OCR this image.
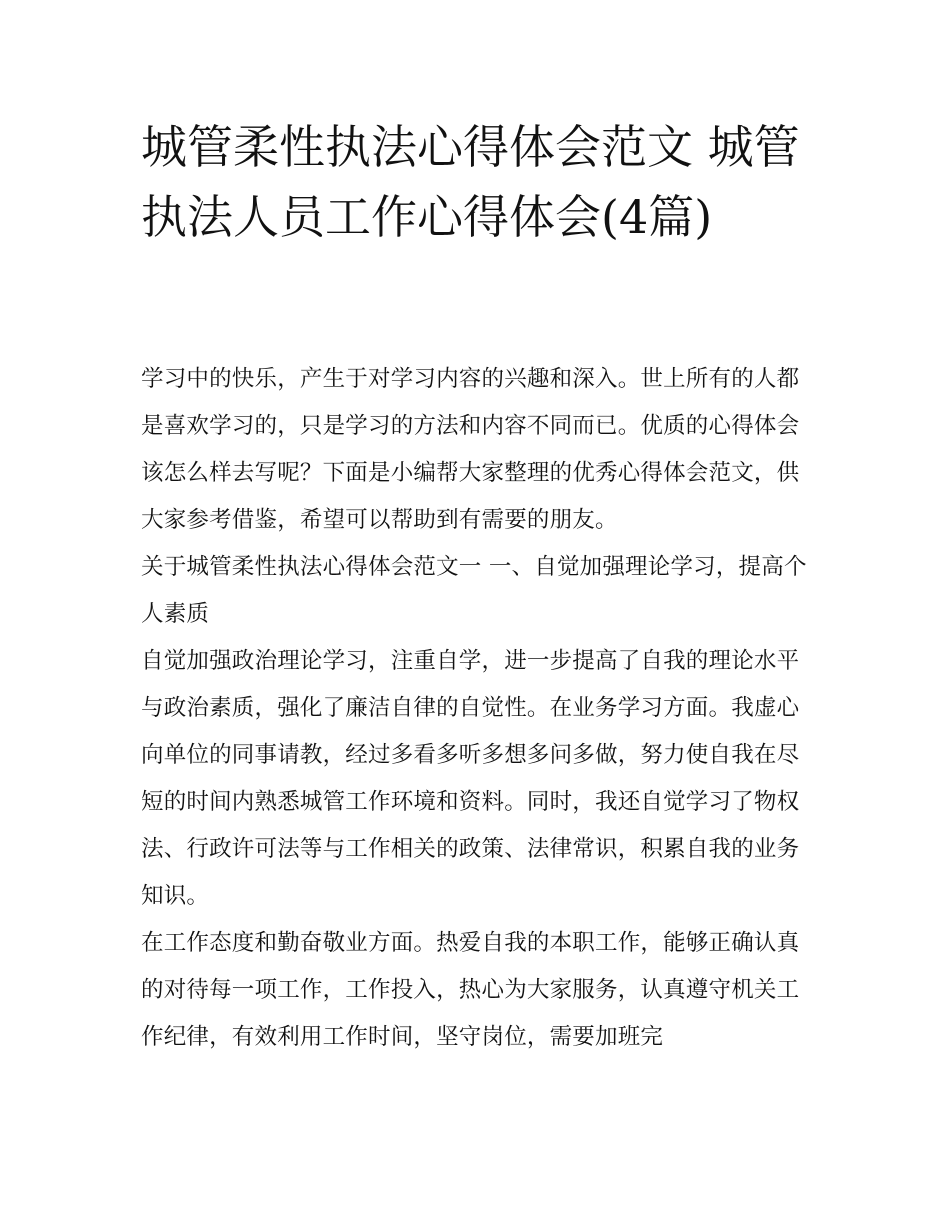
城管柔性执法心得体会范文 城管执法人员工作心得体会(4篇)

学习中的快乐，产生于对学习内容的兴趣和深入。世上所有的人都是喜欢学习的，只是学习的方法和内容不同而已。优质的心得体会该怎么样去写呢？下面是小编帮大家整理的优秀心得体会范文，供大家参考借鉴，希望可以帮助到有需要的朋友。

关于城管柔性执法心得体会范文一 一、自觉加强理论学习，提高个人素质

自觉加强政治理论学习，注重自学，进一步提高了自我的理论水平与政治素质，强化了廉洁自律的自觉性。在业务学习方面。我虚心向单位的同事请教，经过多看多听多想多问多做，努力使自我在尽短的时间内熟悉城管工作环境和资料。同时，我还自觉学习了物权法、行政许可法等与工作相关的政策、法律常识，积累自我的业务知识。

在工作态度和勤奋敬业方面。热爱自我的本职工作，能够正确认真的对待每一项工作，工作投入，热心为大家服务，认真遵守机关工作纪律，有效利用工作时间，坚守岗位，需要加班完
